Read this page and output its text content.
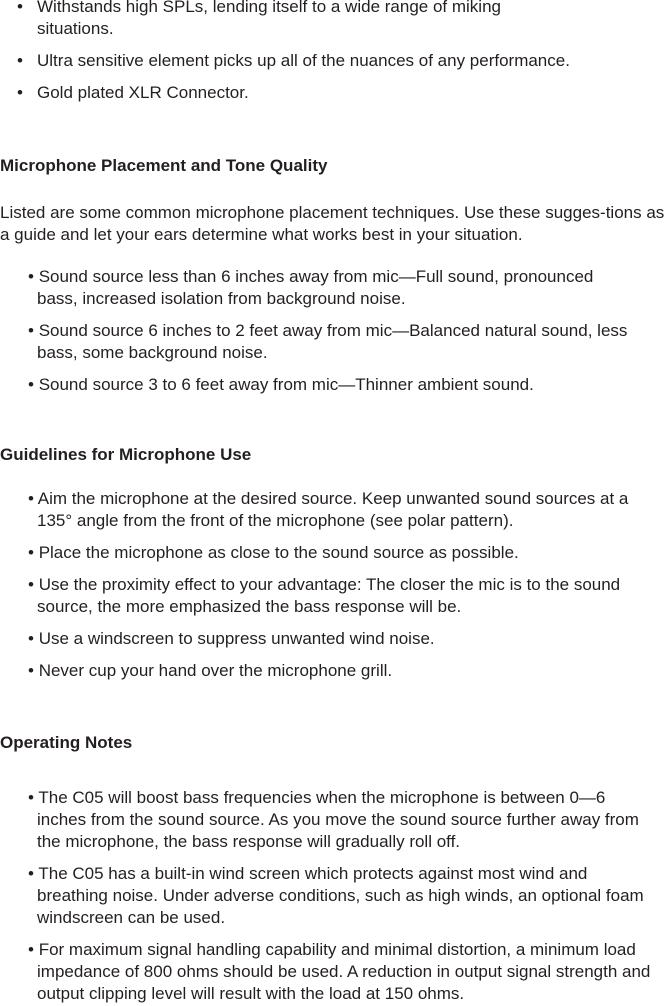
• Withstands high SPLs, lending itself to a wide range of miking situations.
• Ultra sensitive element picks up all of the nuances of any performance.
• Gold plated XLR Connector.
Microphone Placement and Tone Quality

Listed are some common microphone placement techniques. Use these sugges-tions as a guide and let your ears determine what works best in your situation.

• Sound source less than 6 inches away from mic—Full sound, pronounced bass, increased isolation from background noise.
• Sound source 6 inches to 2 feet away from mic—Balanced natural sound, less bass, some background noise.
• Sound source 3 to 6 feet away from mic—Thinner ambient sound.
Guidelines for Microphone Use
• Aim the microphone at the desired source. Keep unwanted sound sources at a 135° angle from the front of the microphone (see polar pattern).
• Place the microphone as close to the sound source as possible.
• Use the proximity effect to your advantage: The closer the mic is to the sound source, the more emphasized the bass response will be.
• Use a windscreen to suppress unwanted wind noise.
• Never cup your hand over the microphone grill.
Operating Notes
• The C05 will boost bass frequencies when the microphone is between 0—6 inches from the sound source. As you move the sound source further away from the microphone, the bass response will gradually roll off.
• The C05 has a built-in wind screen which protects against most wind and breathing noise. Under adverse conditions, such as high winds, an optional foam windscreen can be used.
• For maximum signal handling capability and minimal distortion, a minimum load impedance of 800 ohms should be used. A reduction in output signal strength and output clipping level will result with the load at 150 ohms.
